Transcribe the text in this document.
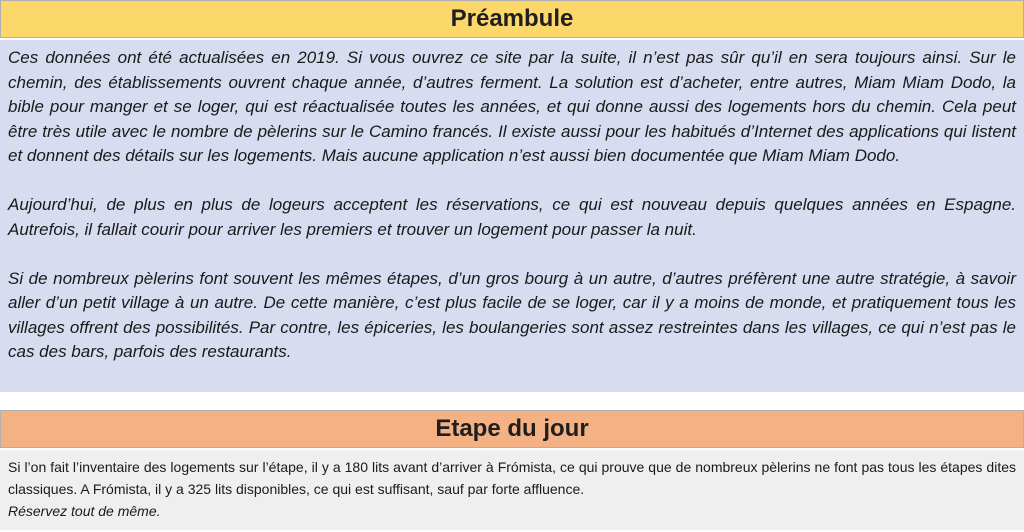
Préambule

Ces données ont été actualisées en 2019. Si vous ouvrez ce site par la suite, il n’est pas sûr qu’il en sera toujours ainsi. Sur le chemin, des établissements ouvrent chaque année, d’autres ferment. La solution est d’acheter, entre autres, Miam Miam Dodo, la bible pour manger et se loger, qui est réactualisée toutes les années, et qui donne aussi des logements hors du chemin. Cela peut être très utile avec le nombre de pèlerins sur le Camino francés. Il existe aussi pour les habitués d’Internet des applications qui listent et donnent des détails sur les logements. Mais aucune application n’est aussi bien documentée que Miam Miam Dodo.

Aujourd’hui, de plus en plus de logeurs acceptent les réservations, ce qui est nouveau depuis quelques années en Espagne. Autrefois, il fallait courir pour arriver les premiers et trouver un logement pour passer la nuit.

Si de nombreux pèlerins font souvent les mêmes étapes, d’un gros bourg à un autre, d’autres préfèrent une autre stratégie, à savoir aller d’un petit village à un autre. De cette manière, c’est plus facile de se loger, car il y a moins de monde, et pratiquement tous les villages offrent des possibilités. Par contre, les épiceries, les boulangeries sont assez restreintes dans les villages, ce qui n’est pas le cas des bars, parfois des restaurants.

Etape du jour

Si l’on fait l’inventaire des logements sur l’étape, il y a 180 lits avant d’arriver à Frómista, ce qui prouve que de nombreux pèlerins ne font pas tous les étapes dites classiques. A Frómista, il y a 325 lits disponibles, ce qui est suffisant, sauf par forte affluence.

Réservez tout de même.
